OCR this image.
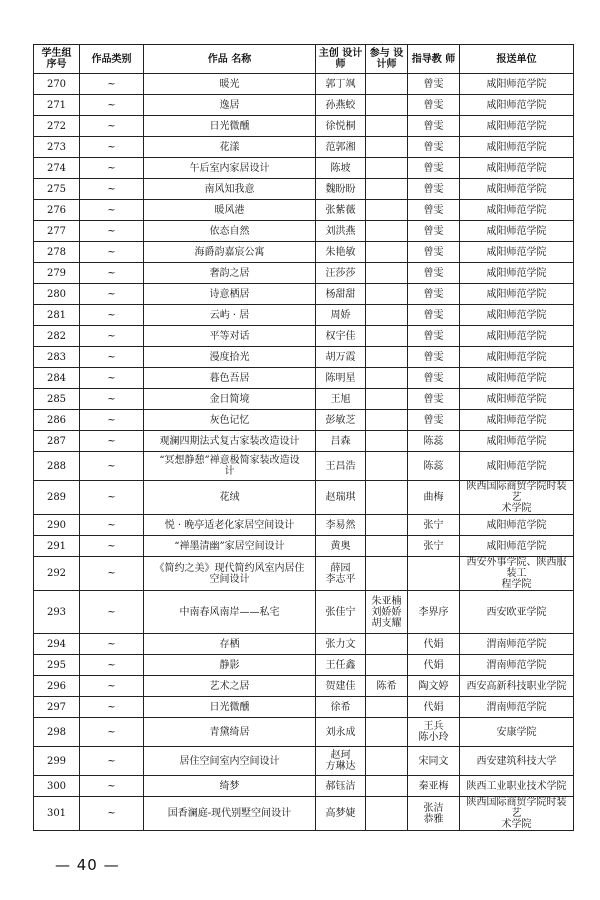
学生组 序号	作品类别	作品 名称	主创 设计师	参与 设计师	指导教 师	报送单位

270	~	暖光	郭丁飒		曾雯	咸阳师范学院

271	~	逸居	孙燕蛟		曾雯	咸阳师范学院

272	~	日光微醺	徐悦桐		曾雯	咸阳师范学院

273	~	花漾	范郭湘		曾雯	咸阳师范学院

274	~	午后室内家居设计	陈坡		曾雯	咸阳师范学院

275	~	南风知我意	魏盼盼		曾雯	咸阳师范学院

276	~	暖风港	张紫薇		曾雯	咸阳师范学院

277	~	依态自然	刘洪燕		曾雯	咸阳师范学院

278	~	海爵韵嘉宸公寓	朱艳敏		曾雯	咸阳师范学院

279	~	奢韵之居	汪莎莎		曾雯	咸阳师范学院

280	~	诗意栖居	杨甜甜		曾雯	咸阳师范学院

281	~	云屿 · 居	周娇		曾雯	咸阳师范学院

282	~	平等对话	权宇佳		曾雯	咸阳师范学院

283	~	漫度拾光	胡万霞		曾雯	咸阳师范学院

284	~	暮色吾居	陈明星		曾雯	咸阳师范学院

285	~	金日简境	王旭		曾雯	咸阳师范学院

286	~	灰色记忆	彭敏芝		曾雯	咸阳师范学院

287	~	观澜四期法式复古家装改造设计	吕森		陈蕊	咸阳师范学院

288	~	“冥想静憩”禅意极简家装改造设
计	王昌浩		陈蕊	咸阳师范学院

289	~	花绒	赵瑞琪		曲梅	陕西国际商贸学院时装艺
术学院

290	~	悦 · 晚亭适老化家居空间设计	李易然		张宁	咸阳师范学院

291	~	“禅墨清幽”家居空间设计	黄奥		张宁	咸阳师范学院

292	~	《简约之美》现代简约风室内居住
空间设计	薛园
李志平			西安外事学院、陕西服装工
程学院

293	~	中南春风南岸——私宅	张佳宁	朱亚楠
刘娇娇
胡支耀	李界序	西安欧亚学院

294	~	存栖	张力文		代娟	渭南师范学院

295	~	静影	王任鑫		代娟	渭南师范学院

296	~	艺术之居	贺建佳	陈希	陶文婷	西安高新科技职业学院

297	~	日光微醺	徐希		代娟	渭南师范学院

298	~	青黛绮居	刘永成		王兵
陈小玲	安康学院

299	~	居住空间室内空间设计	赵珂
方琳达		宋同文	西安建筑科技大学

300	~	绮梦	郝钰洁		秦亚梅	陕西工业职业技术学院

301	~	国香澜庭-现代别墅空间设计	高梦婕		张洁
恭雅	陕西国际商贸学院时装艺
术学院
— 40 —
